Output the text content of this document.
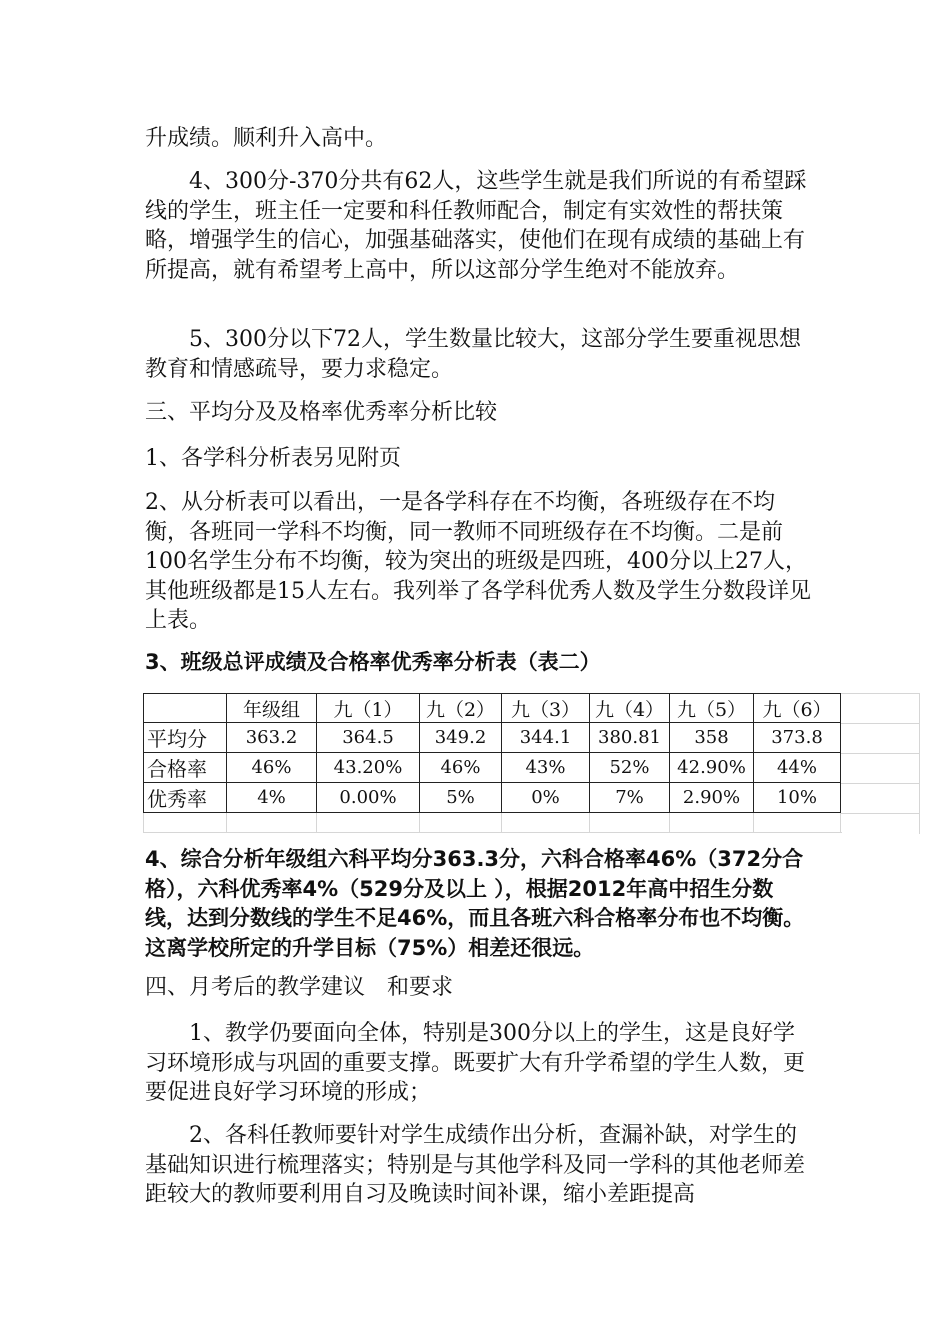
升成绩。顺利升入高中。

4、300分-370分共有62人，这些学生就是我们所说的有希望踩线的学生，班主任一定要和科任教师配合，制定有实效性的帮扶策略，增强学生的信心，加强基础落实，使他们在现有成绩的基础上有所提高，就有希望考上高中，所以这部分学生绝对不能放弃。

5、300分以下72人，学生数量比较大，这部分学生要重视思想教育和情感疏导，要力求稳定。

三、平均分及及格率优秀率分析比较

1、各学科分析表另见附页

2、从分析表可以看出，一是各学科存在不均衡，各班级存在不均衡，各班同一学科不均衡，同一教师不同班级存在不均衡。二是前100名学生分布不均衡，较为突出的班级是四班，400分以上27人，其他班级都是15人左右。我列举了各学科优秀人数及学生分数段详见上表。

3、班级总评成绩及合格率优秀率分析表（表二）

	年级组	九（1）	九（2）	九（3）	九（4）	九（5）	九（6）
平均分	363.2	364.5	349.2	344.1	380.81	358	373.8
合格率	46%	43.20%	46%	43%	52%	42.90%	44%
优秀率	4%	0.00%	5%	0%	7%	2.90%	10%

4、综合分析年级组六科平均分363.3分，六科合格率46%（372分合格），六科优秀率4%（529分及以上 ），根据2012年高中招生分数线，达到分数线的学生不足46%，而且各班六科合格率分布也不均衡。这离学校所定的升学目标（75%）相差还很远。

四、月考后的教学建议　和要求

1、教学仍要面向全体，特别是300分以上的学生，这是良好学习环境形成与巩固的重要支撑。既要扩大有升学希望的学生人数，更要促进良好学习环境的形成；

2、各科任教师要针对学生成绩作出分析，查漏补缺，对学生的基础知识进行梳理落实；特别是与其他学科及同一学科的其他老师差距较大的教师要利用自习及晚读时间补课，缩小差距提高
